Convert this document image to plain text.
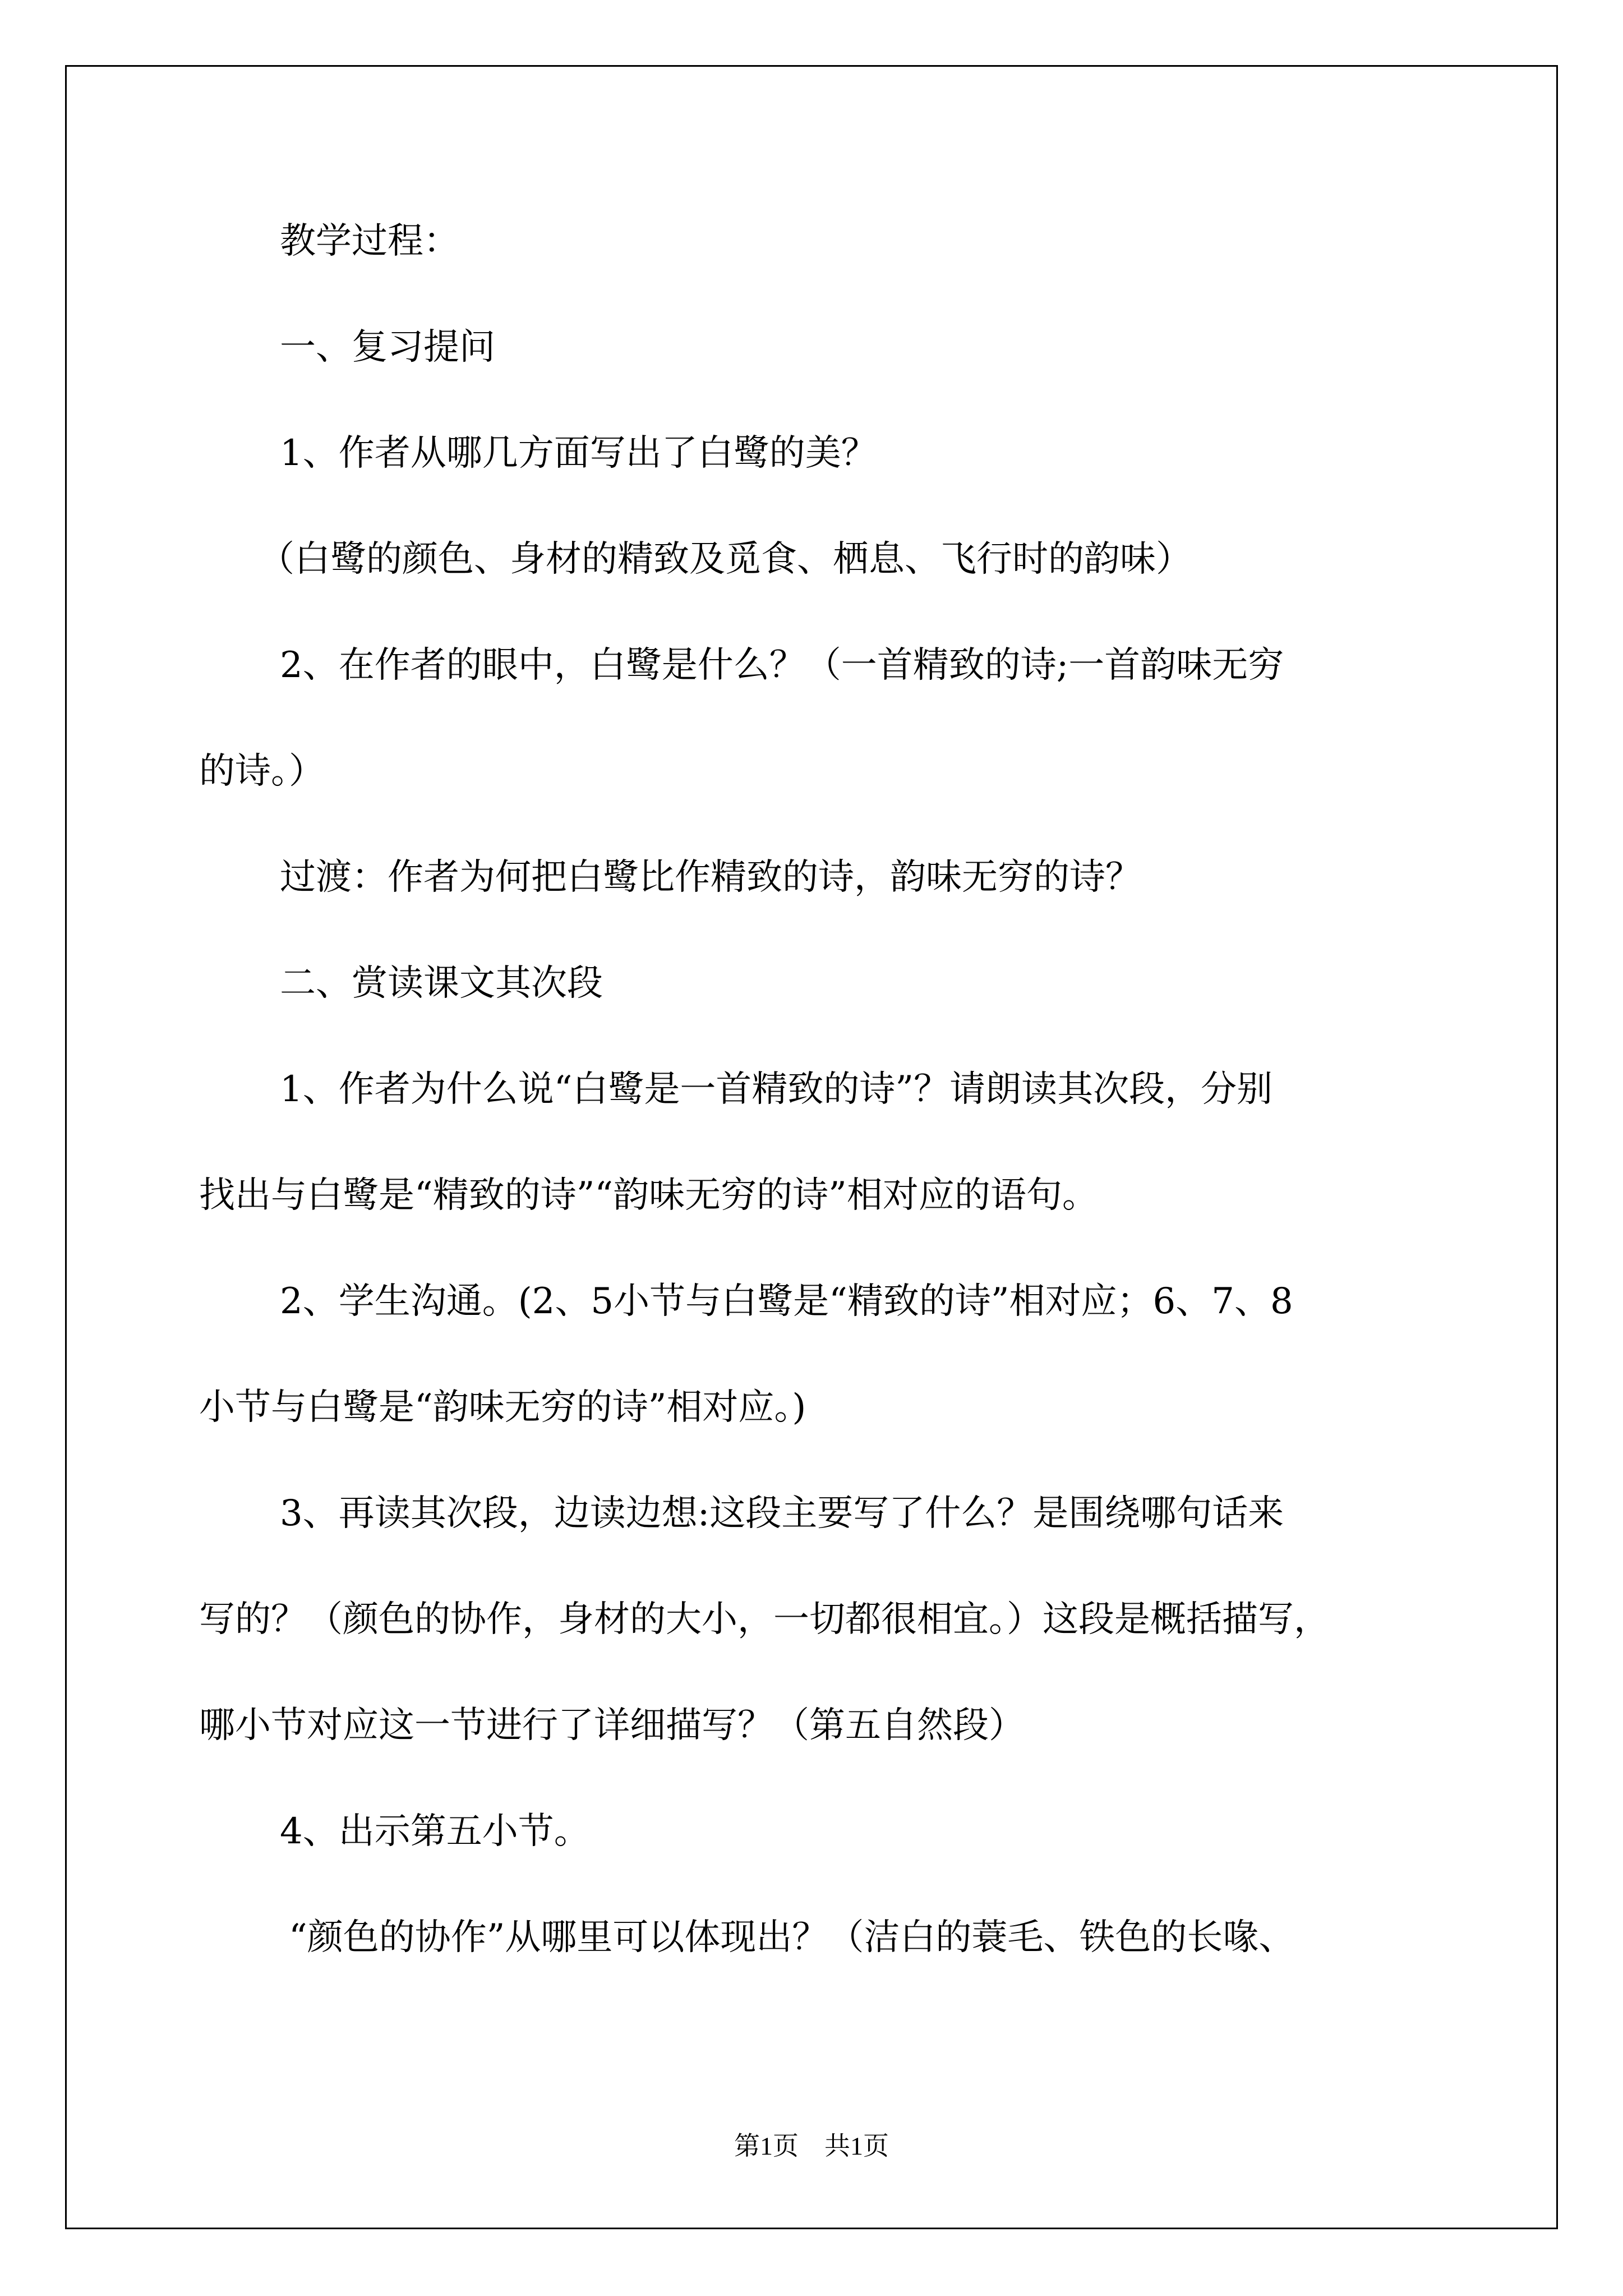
教学过程：
一、复习提问
1、作者从哪几方面写出了白鹭的美？
（白鹭的颜色、身材的精致及觅食、栖息、飞行时的韵味）
2、在作者的眼中，白鹭是什么？（一首精致的诗;一首韵味无穷
的诗。）
过渡：作者为何把白鹭比作精致的诗，韵味无穷的诗？
二、赏读课文其次段
1、作者为什么说“白鹭是一首精致的诗”？请朗读其次段，分别
找出与白鹭是“精致的诗”“韵味无穷的诗”相对应的语句。
2、学生沟通。(2、5小节与白鹭是“精致的诗”相对应；6、7、8
小节与白鹭是“韵味无穷的诗”相对应。)
3、再读其次段，边读边想:这段主要写了什么？是围绕哪句话来
写的？（颜色的协作，身材的大小，一切都很相宜。）这段是概括描写，
哪小节对应这一节进行了详细描写？（第五自然段）
4、出示第五小节。
“颜色的协作”从哪里可以体现出？（洁白的蓑毛、铁色的长喙、
第1页　共1页
